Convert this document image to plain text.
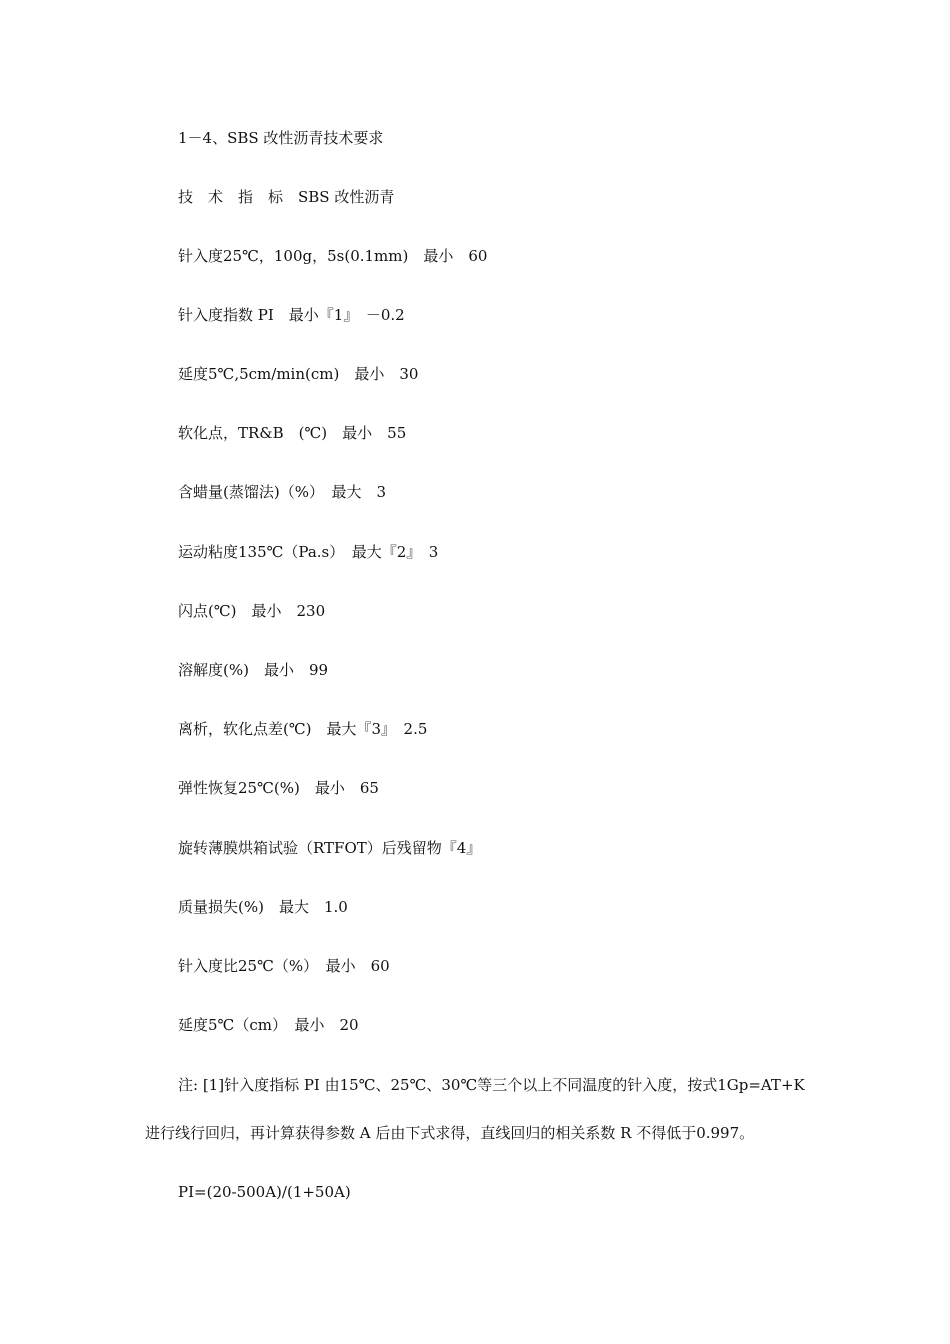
1－4、SBS 改性沥青技术要求
技　术　指　标　SBS 改性沥青
针入度25℃，100g，5s(0.1mm)　最小　60
针入度指数 PI　最小『1』　－0.2
延度5℃,5cm/min(cm)　最小　30
软化点，TR&B　(℃)　最小　55
含蜡量(蒸馏法)（%）　最大　3
运动粘度135℃（Pa.s）　最大『2』　3
闪点(℃)　最小　230
溶解度(%)　最小　99
离析，软化点差(℃)　最大『3』　2.5
弹性恢复25℃(%)　最小　65
旋转薄膜烘箱试验（RTFOT）后残留物『4』
质量损失(%)　最大　1.0
针入度比25℃（%）　最小　60
延度5℃（cm）　最小　20
注: [1]针入度指标 PI 由15℃、25℃、30℃等三个以上不同温度的针入度，按式1Gp=AT+K
进行线行回归，再计算获得参数 A 后由下式求得，直线回归的相关系数 R 不得低于0.997。
PI=(20-500A)/(1+50A)
